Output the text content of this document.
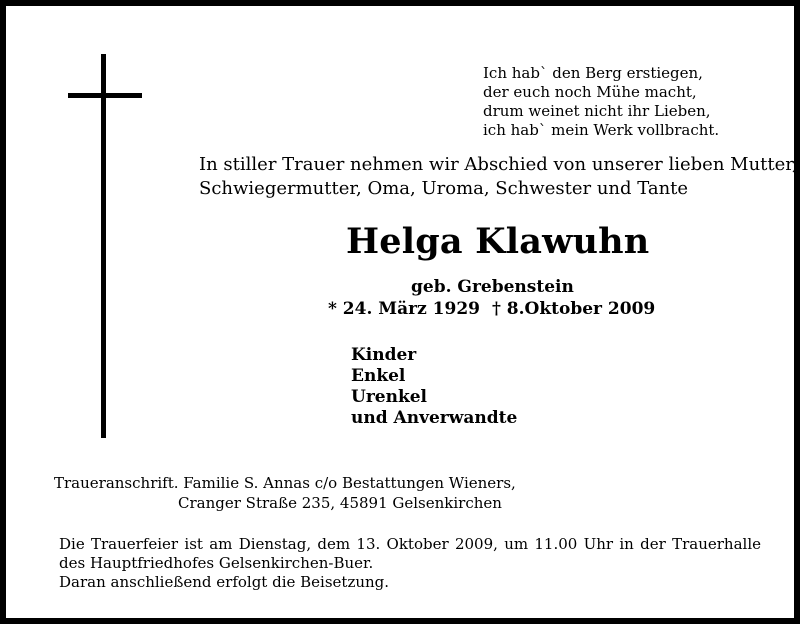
Ich hab` den Berg erstiegen,
der euch noch Mühe macht,
drum weinet nicht ihr Lieben,
ich hab` mein Werk vollbracht.
In stiller Trauer nehmen wir Abschied von unserer lieben Mutter,
Schwiegermutter, Oma, Uroma, Schwester und Tante
Helga Klawuhn
geb. Grebenstein
* 24. März 1929 † 8.Oktober 2009
Kinder
Enkel
Urenkel
und Anverwandte
Traueranschrift. Familie S. Annas c/o Bestattungen Wieners,
Cranger Straße 235, 45891 Gelsenkirchen
Die Trauerfeier ist am Dienstag, dem 13. Oktober 2009, um 11.00 Uhr in der Trauerhalle
des Hauptfriedhofes Gelsenkirchen-Buer.
Daran anschließend erfolgt die Beisetzung.
